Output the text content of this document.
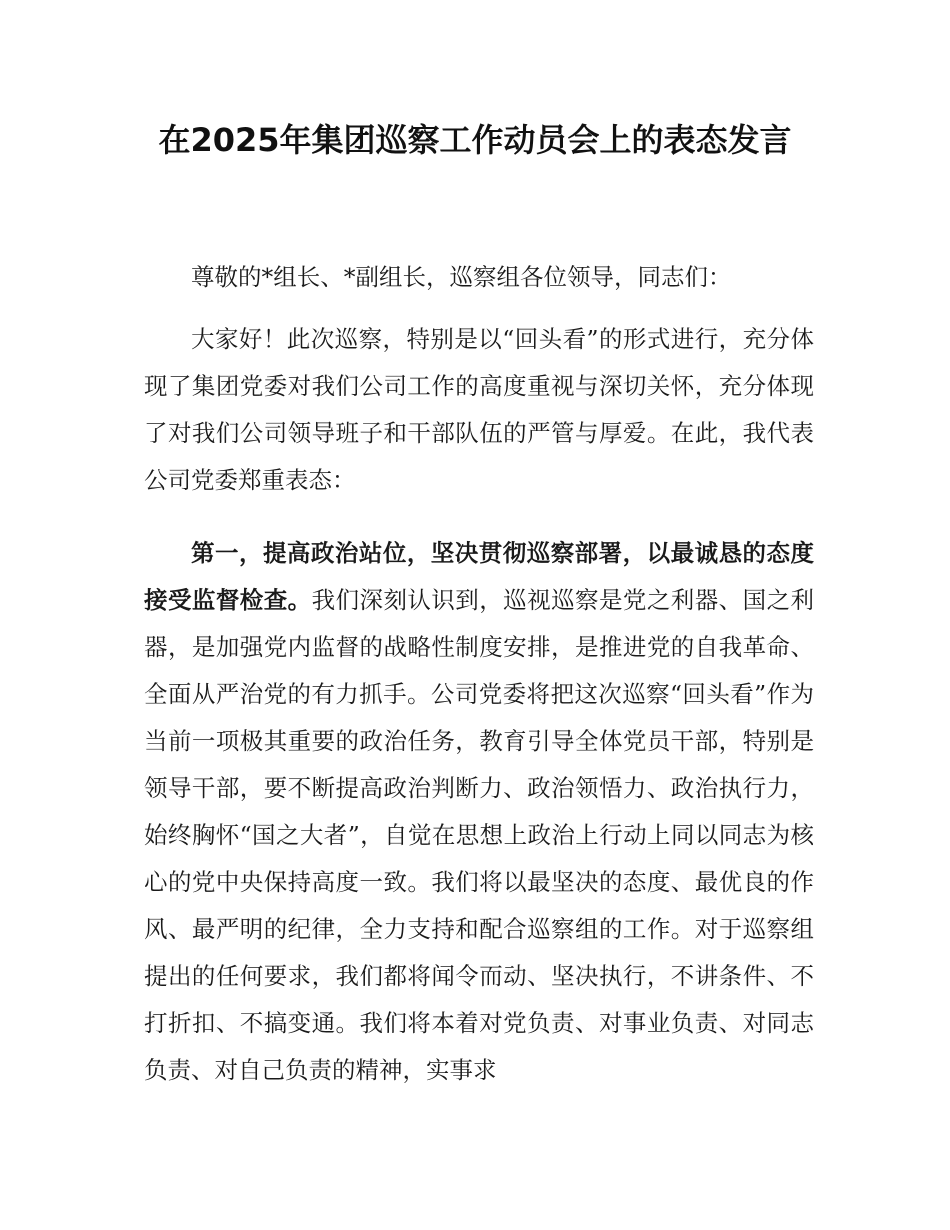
在2025年集团巡察工作动员会上的表态发言

尊敬的*组长、*副组长，巡察组各位领导，同志们：

大家好！此次巡察，特别是以“回头看”的形式进行，充分体现了集团党委对我们公司工作的高度重视与深切关怀，充分体现了对我们公司领导班子和干部队伍的严管与厚爱。在此，我代表公司党委郑重表态：

第一，提高政治站位，坚决贯彻巡察部署，以最诚恳的态度接受监督检查。我们深刻认识到，巡视巡察是党之利器、国之利器，是加强党内监督的战略性制度安排，是推进党的自我革命、全面从严治党的有力抓手。公司党委将把这次巡察“回头看”作为当前一项极其重要的政治任务，教育引导全体党员干部，特别是领导干部，要不断提高政治判断力、政治领悟力、政治执行力，始终胸怀“国之大者”，自觉在思想上政治上行动上同以同志为核心的党中央保持高度一致。我们将以最坚决的态度、最优良的作风、最严明的纪律，全力支持和配合巡察组的工作。对于巡察组提出的任何要求，我们都将闻令而动、坚决执行，不讲条件、不打折扣、不搞变通。我们将本着对党负责、对事业负责、对同志负责、对自己负责的精神，实事求
